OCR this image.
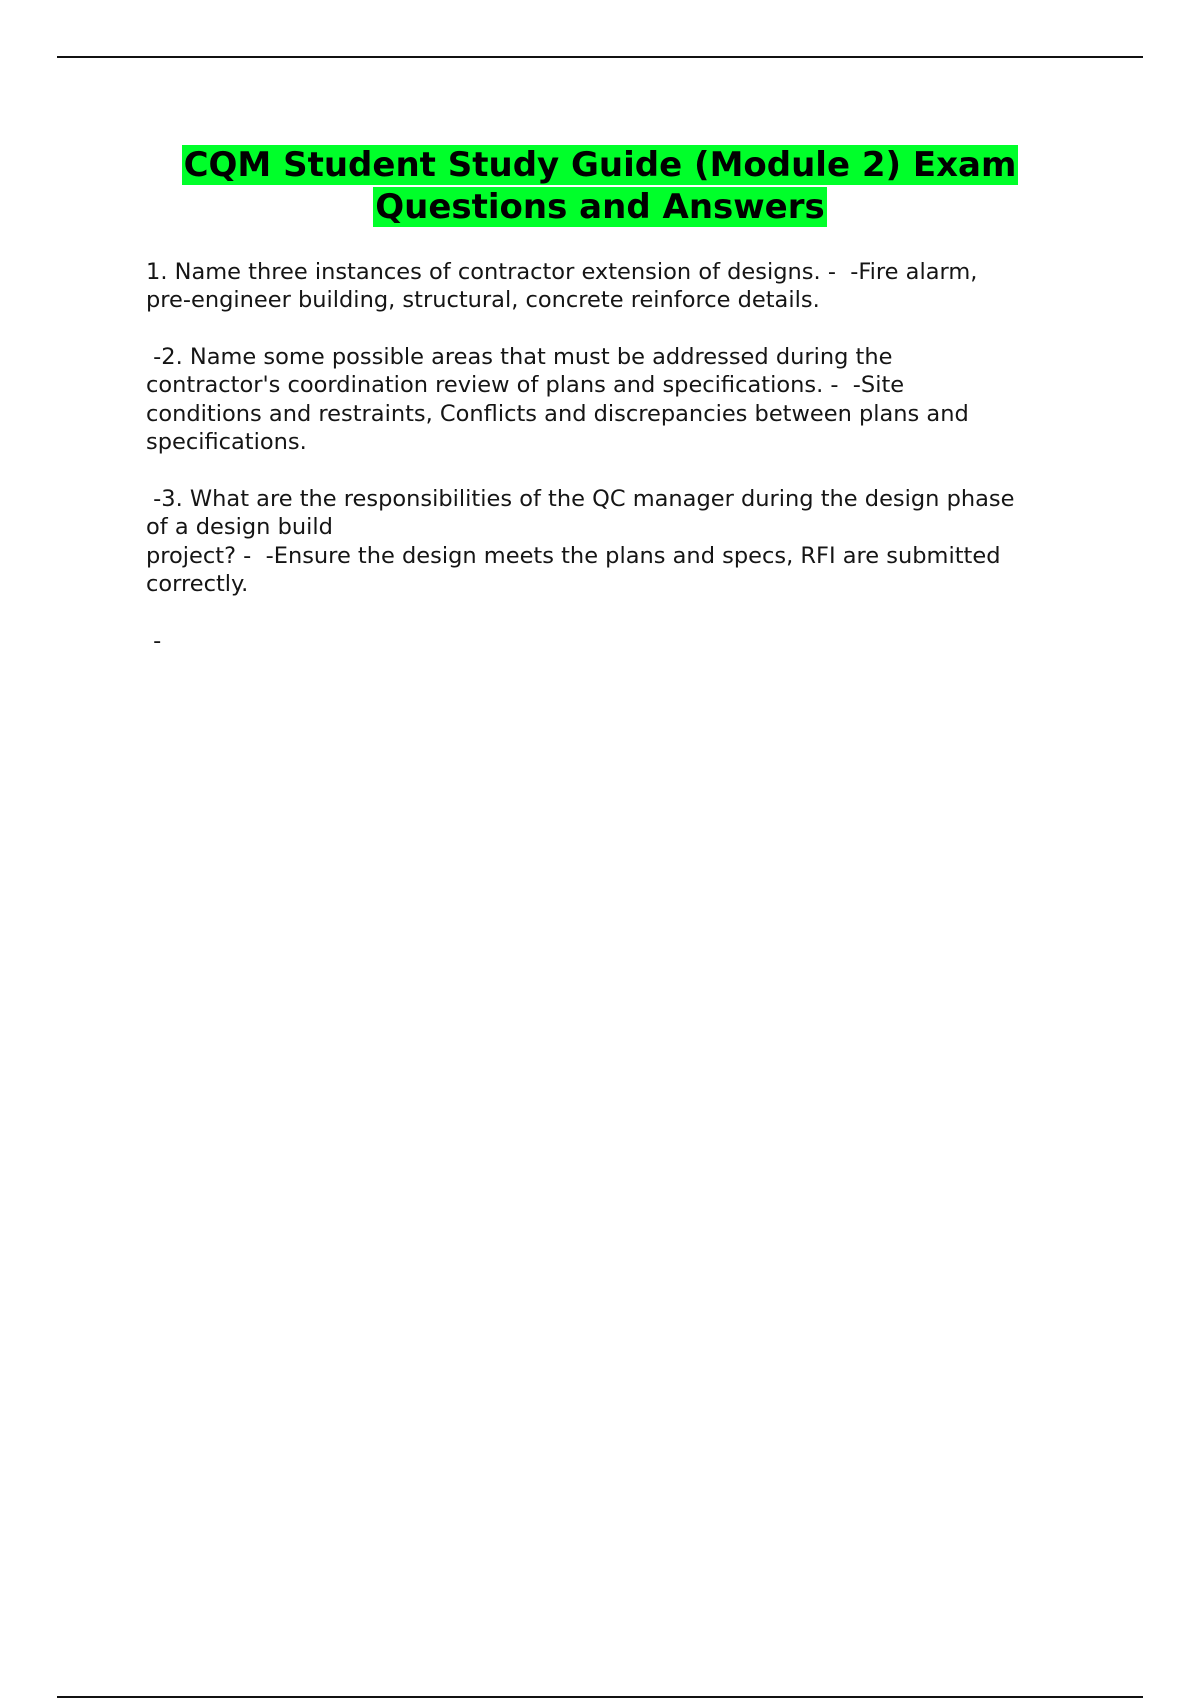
CQM Student Study Guide (Module 2) Exam
Questions and Answers

1. Name three instances of contractor extension of designs. -  -Fire alarm,
pre-engineer building, structural, concrete reinforce details.

-2. Name some possible areas that must be addressed during the
contractor's coordination review of plans and specifications. -  -Site
conditions and restraints, Conflicts and discrepancies between plans and
specifications.

-3. What are the responsibilities of the QC manager during the design phase
of a design build
project? -  -Ensure the design meets the plans and specs, RFI are submitted
correctly.

-
